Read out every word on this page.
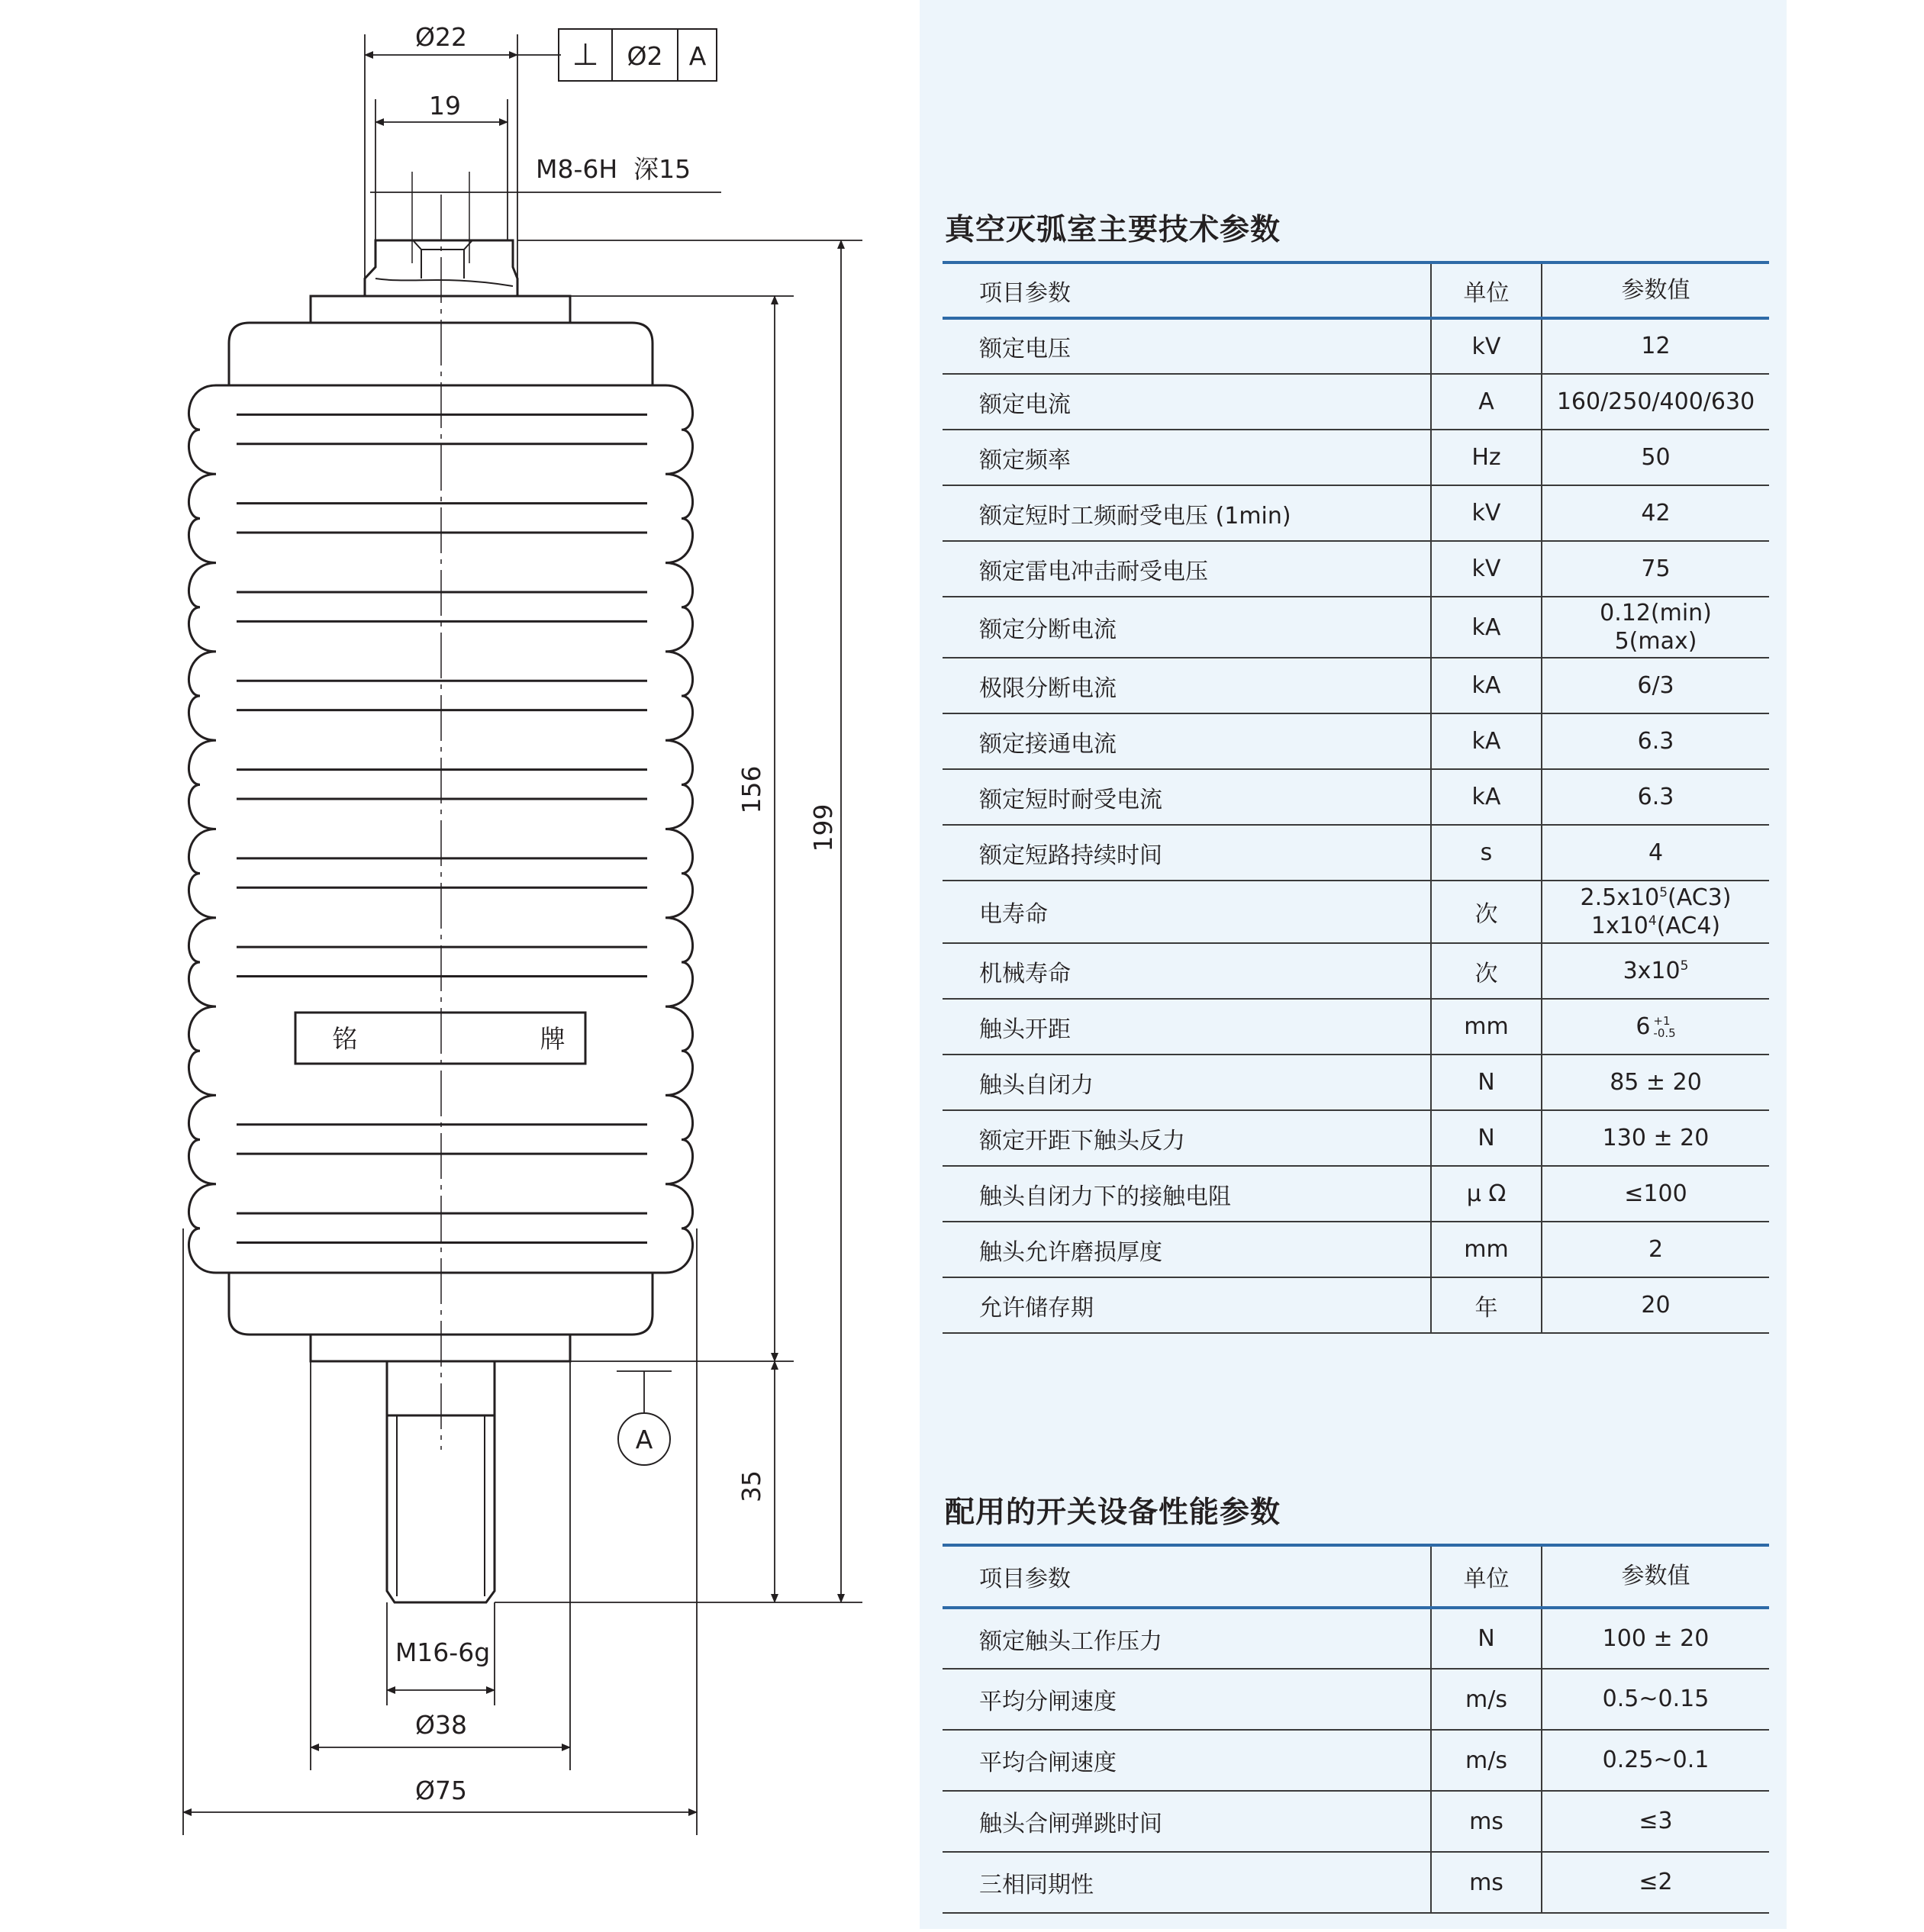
Ø22
19
M8-6H  深15
⊥ Ø2 A
A
156
199
35
M16-6g
Ø38
Ø75
铭	牌
真空灭弧室主要技术参数
项目参数	单位	参数值
额定电压	kV	12
额定电流	A	160/250/400/630
额定频率	Hz	50
额定短时工频耐受电压 (1min)	kV	42
额定雷电冲击耐受电压	kV	75
额定分断电流	kA	0.12(min)
5(max)
极限分断电流	kA	6/3
额定接通电流	kA	6.3
额定短时耐受电流	kA	6.3
额定短路持续时间	s	4
电寿命	次	$2.5x10^5(AC3)$
$1x10^4(AC4)$
机械寿命	次	$3x10^5$
触头开距	mm	6 +1
-0.5
触头自闭力	N	85 ± 20
额定开距下触头反力	N	130 ± 20
触头自闭力下的接触电阻	μ Ω	≤100
触头允许磨损厚度	mm	2
允许储存期	年	20
配用的开关设备性能参数
项目参数	单位	参数值
额定触头工作压力	N	100 ± 20
平均分闸速度	m/s	0.5~0.15
平均合闸速度	m/s	0.25~0.1
触头合闸弹跳时间	ms	≤3
三相同期性	ms	≤2
